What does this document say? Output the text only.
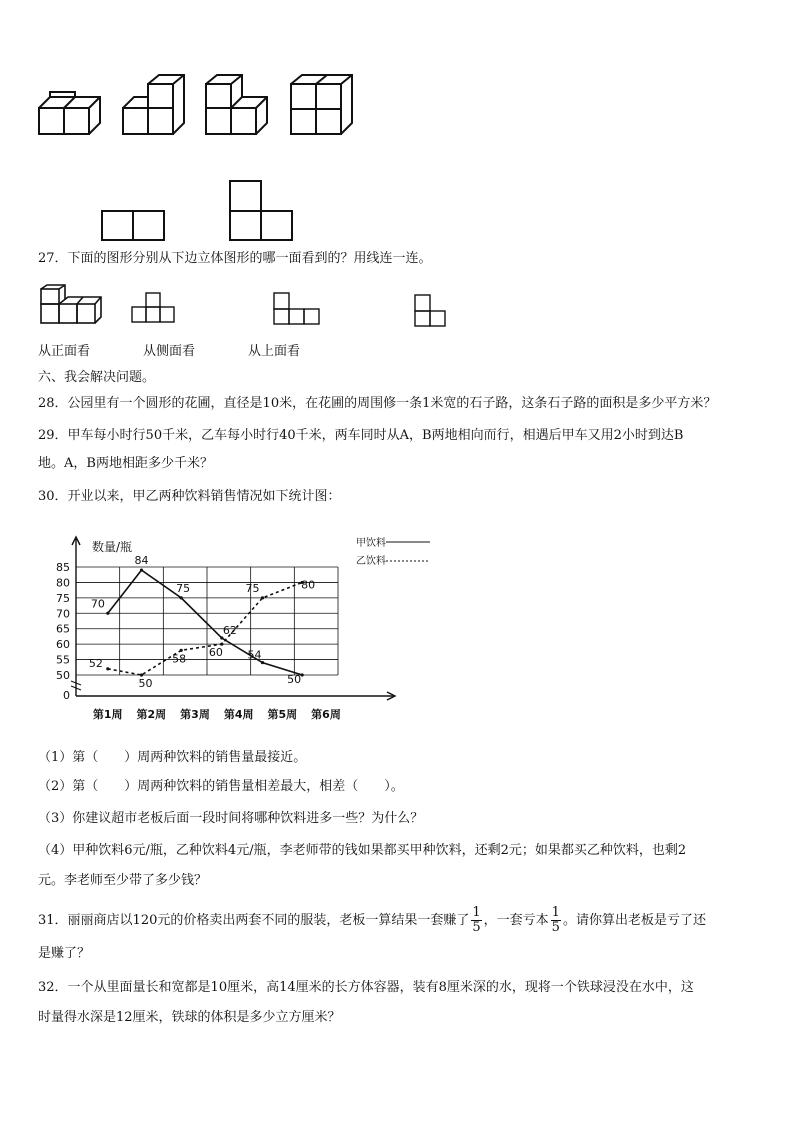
27．下面的图形分别从下边立体图形的哪一面看到的？用线连一连。
从正面看	从侧面看	从上面看
六、我会解决问题。
28．公园里有一个圆形的花圃，直径是10米，在花圃的周围修一条1米宽的石子路，这条石子路的面积是多少平方米？
29．甲车每小时行50千米，乙车每小时行40千米，两车同时从A，B两地相向而行，相遇后甲车又用2小时到达B
地。A，B两地相距多少千米？
30．开业以来，甲乙两种饮料销售情况如下统计图：
数量/瓶	甲饮料
乙饮料
85
80
75
70
65
60
55
50
0
第1周 第2周 第3周 第4周 第5周 第6周
70
84
75
62
54
50
52
50
58 60
75	80
（1）第（　　）周两种饮料的销售量最接近。
（2）第（　　）周两种饮料的销售量相差最大，相差（　　）。
（3）你建议超市老板后面一段时间将哪种饮料进多一些？为什么？
（4）甲种饮料6元/瓶，乙种饮料4元/瓶，李老师带的钱如果都买甲种饮料，还剩2元；如果都买乙种饮料，也剩2
元。李老师至少带了多少钱？
31．丽丽商店以120元的价格卖出两套不同的服装，老板一算结果一套赚了 $\frac{1}{5}$ ，一套亏本 $\frac{1}{5}$ 。请你算出老板是亏了还
是赚了？
32．一个从里面量长和宽都是10厘米，高14厘米的长方体容器，装有8厘米深的水，现将一个铁球浸没在水中，这
时量得水深是12厘米，铁球的体积是多少立方厘米？
